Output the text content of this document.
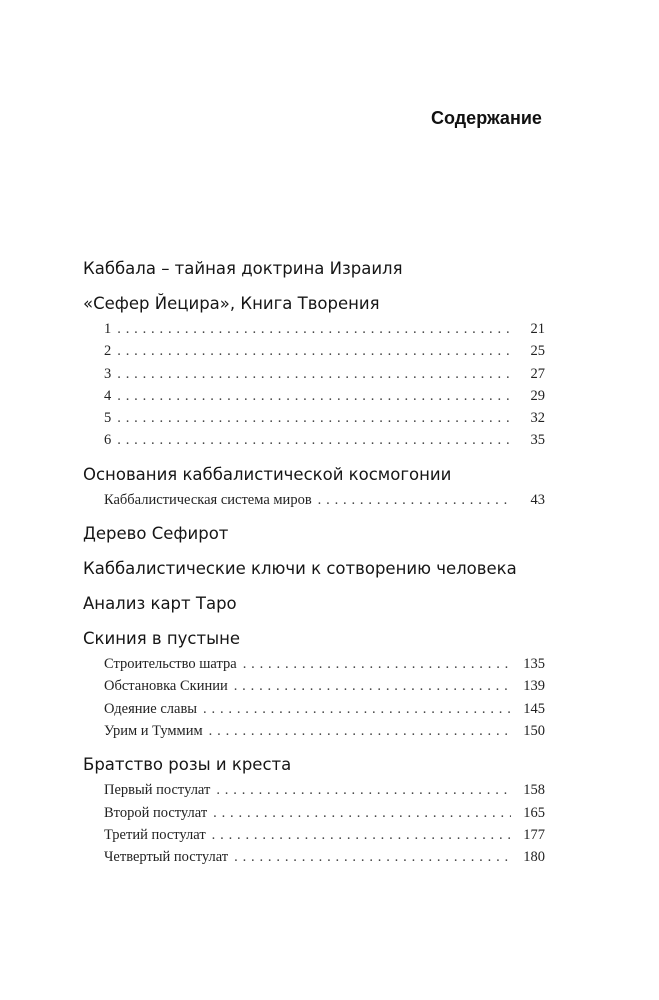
Содержание
Каббала – тайная доктрина Израиля
«Сефер Йецира», Книга Творения
1 . . .	21
2 . . .	25
3 . . .	27
4 . . .	29
5 . . .	32
6 . . .	35
Основания каббалистической космогонии
Каббалистическая система миров . . .	43
Дерево Сефирот
Каббалистические ключи к сотворению человека
Анализ карт Таро
Скиния в пустыне
Строительство шатра . . .	135
Обстановка Скинии . . .	139
Одеяние славы . . .	145
Урим и Туммим . . .	150
Братство розы и креста
Первый постулат . . .	158
Второй постулат . . .	165
Третий постулат . . .	177
Четвертый постулат . . .	180
